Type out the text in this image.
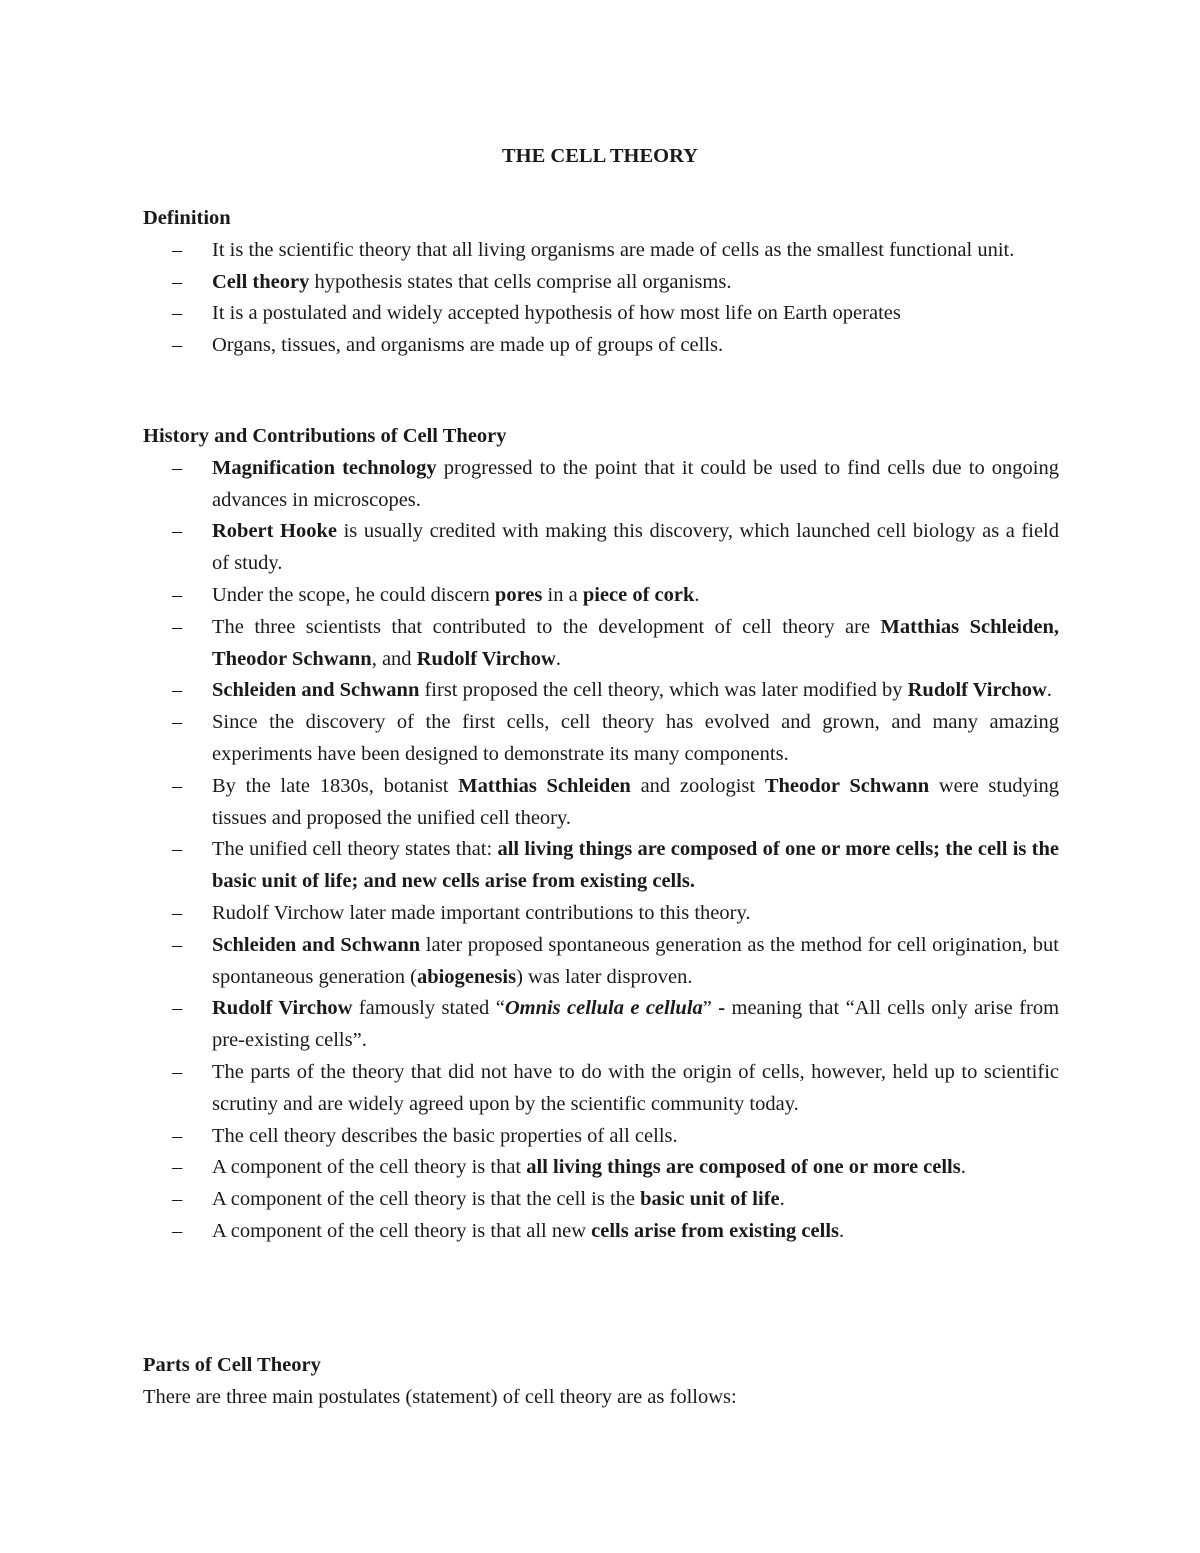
THE CELL THEORY
Definition
– It is the scientific theory that all living organisms are made of cells as the smallest functional unit.
– Cell theory hypothesis states that cells comprise all organisms.
– It is a postulated and widely accepted hypothesis of how most life on Earth operates
– Organs, tissues, and organisms are made up of groups of cells.
History and Contributions of Cell Theory
– Magnification technology progressed to the point that it could be used to find cells due to ongoing advances in microscopes.
– Robert Hooke is usually credited with making this discovery, which launched cell biology as a field of study.
– Under the scope, he could discern pores in a piece of cork.
– The three scientists that contributed to the development of cell theory are Matthias Schleiden, Theodor Schwann, and Rudolf Virchow.
– Schleiden and Schwann first proposed the cell theory, which was later modified by Rudolf Virchow.
– Since the discovery of the first cells, cell theory has evolved and grown, and many amazing experiments have been designed to demonstrate its many components.
– By the late 1830s, botanist Matthias Schleiden and zoologist Theodor Schwann were studying tissues and proposed the unified cell theory.
– The unified cell theory states that: all living things are composed of one or more cells; the cell is the basic unit of life; and new cells arise from existing cells.
– Rudolf Virchow later made important contributions to this theory.
– Schleiden and Schwann later proposed spontaneous generation as the method for cell origination, but spontaneous generation (abiogenesis) was later disproven.
– Rudolf Virchow famously stated “Omnis cellula e cellula” - meaning that “All cells only arise from pre-existing cells”.
– The parts of the theory that did not have to do with the origin of cells, however, held up to scientific scrutiny and are widely agreed upon by the scientific community today.
– The cell theory describes the basic properties of all cells.
– A component of the cell theory is that all living things are composed of one or more cells.
– A component of the cell theory is that the cell is the basic unit of life.
– A component of the cell theory is that all new cells arise from existing cells.
Parts of Cell Theory

There are three main postulates (statement) of cell theory are as follows:
